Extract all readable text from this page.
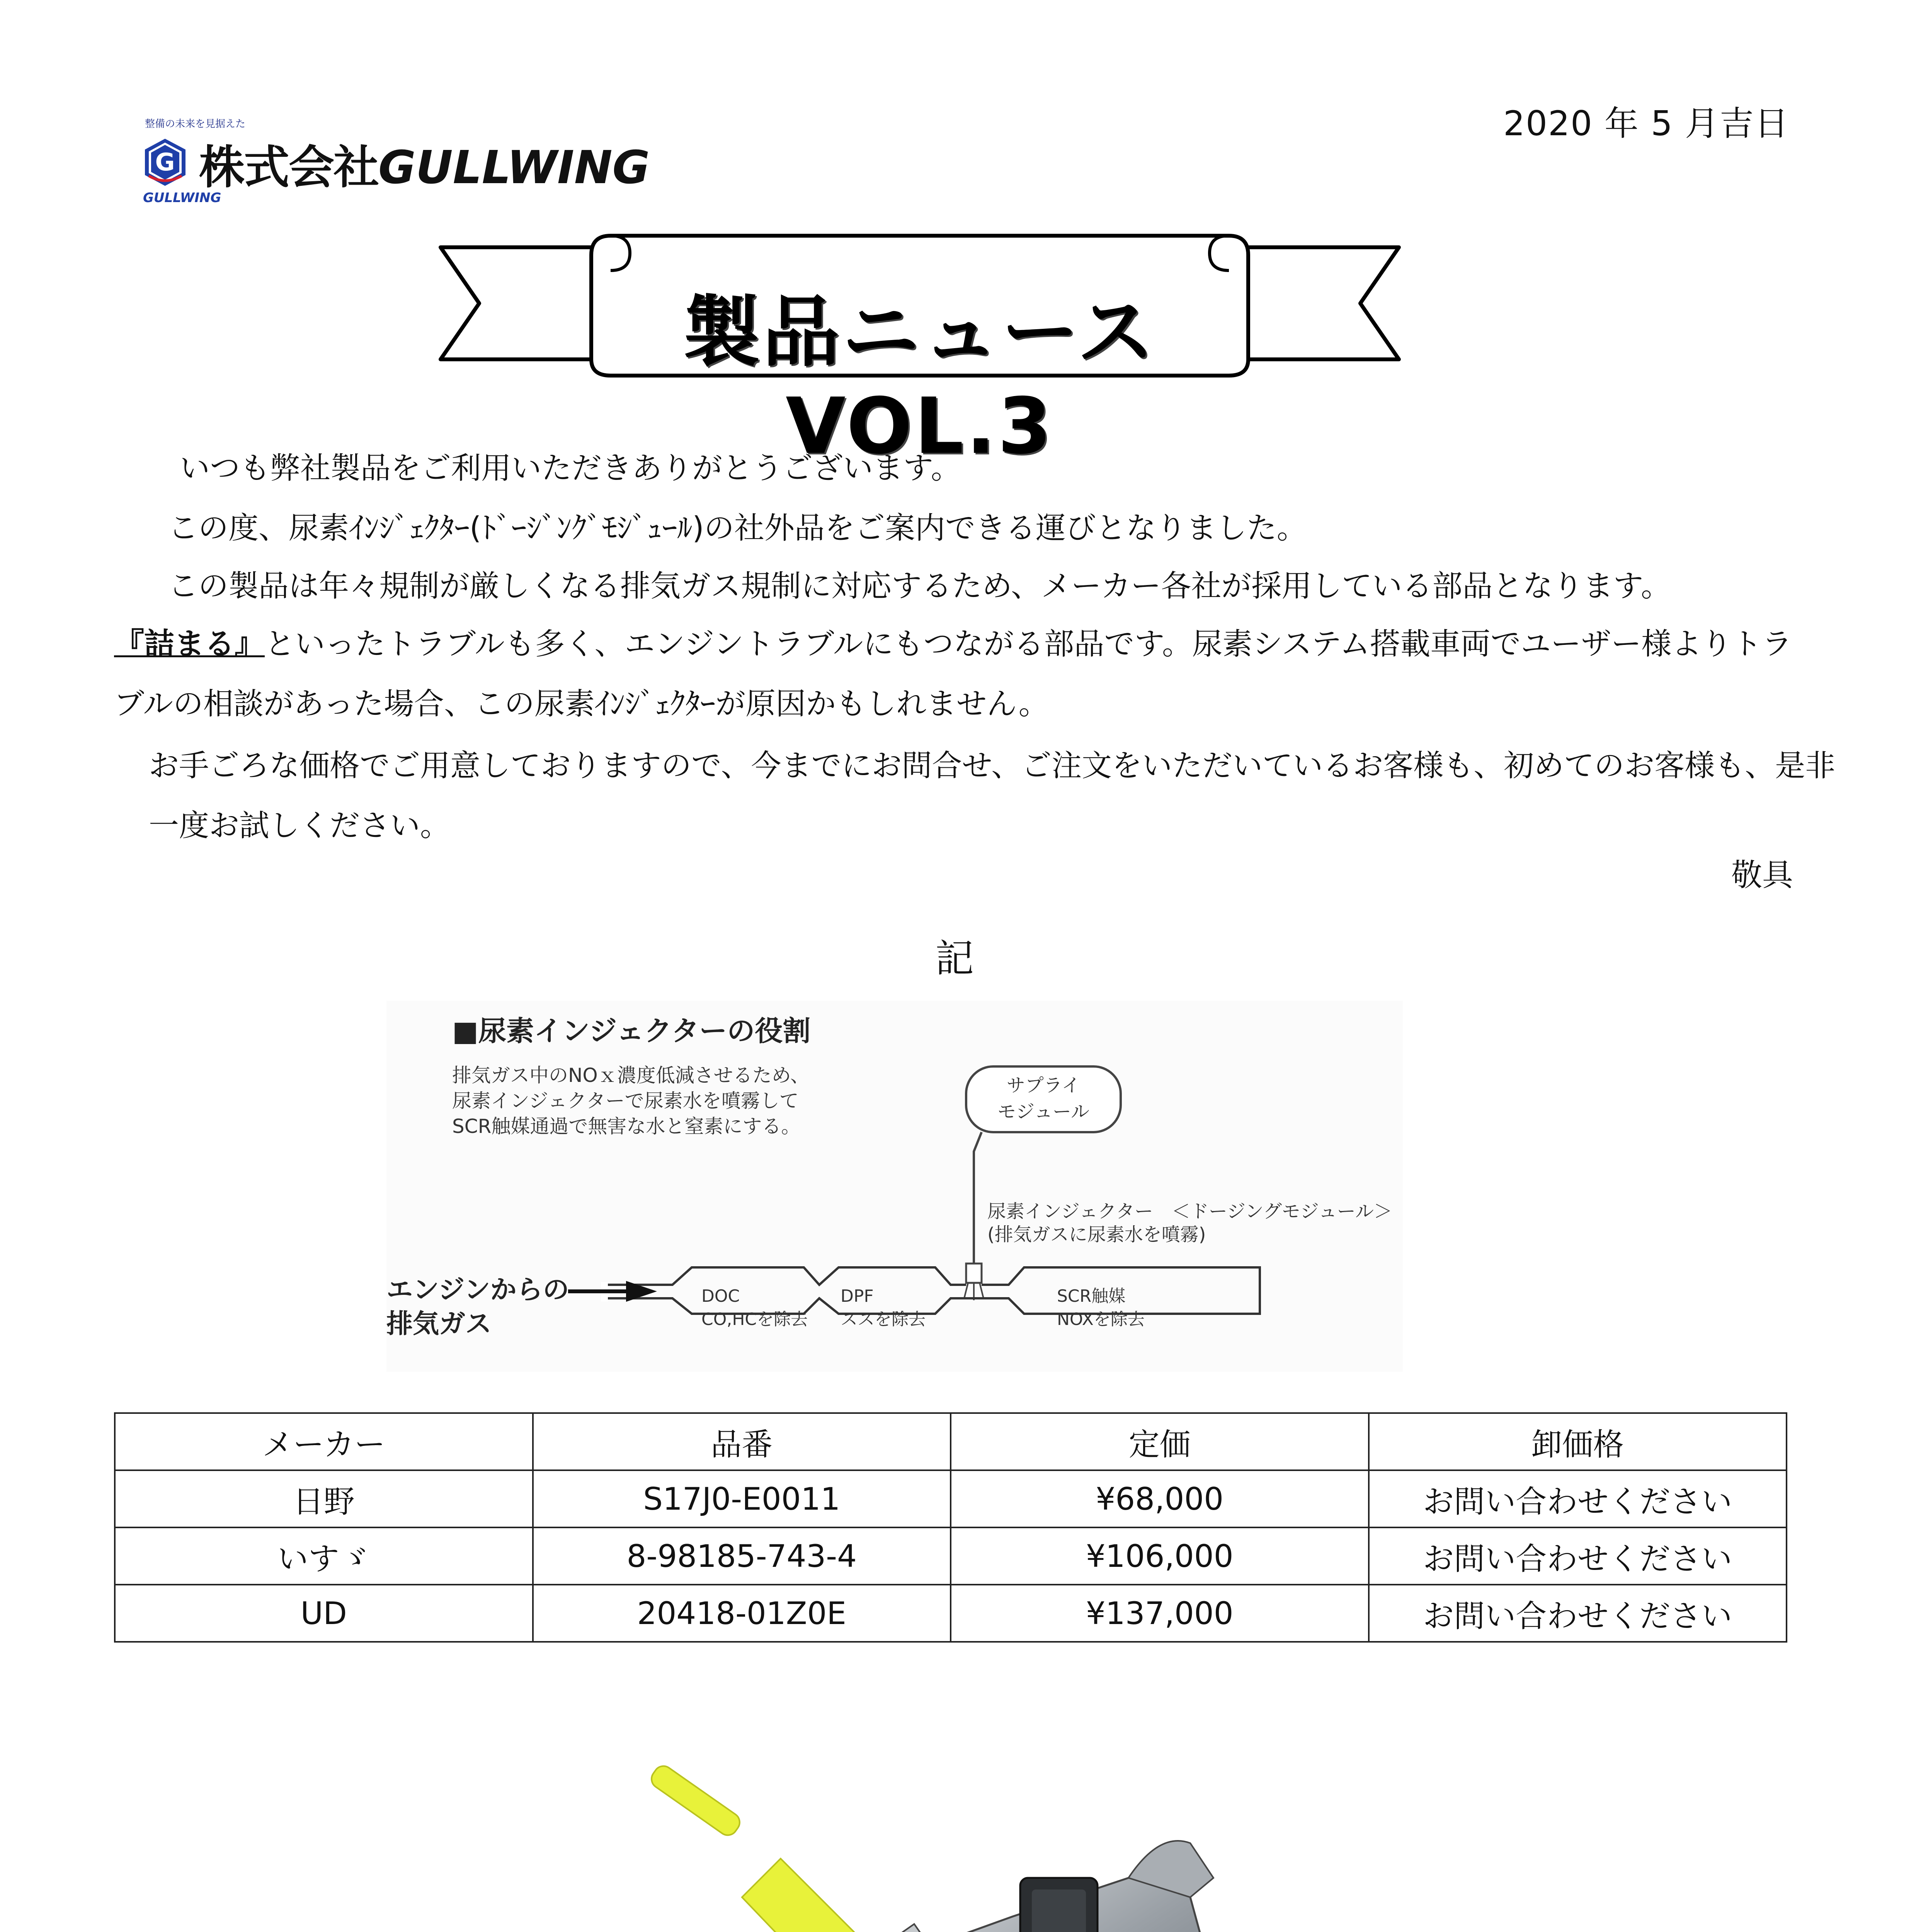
2020 年 5 月吉日
整備の未来を見据えた
G 株式会社GULLWING
GULLWING
製品ニュース VOL.3
いつも弊社製品をご利用いただきありがとうございます。
この度、尿素ｲﾝｼﾞｪｸﾀｰ(ﾄﾞｰｼﾞﾝｸﾞﾓｼﾞｭｰﾙ)の社外品をご案内できる運びとなりました。
この製品は年々規制が厳しくなる排気ガス規制に対応するため、メーカー各社が採用している部品となります。
『詰まる』といったトラブルも多く、エンジントラブルにもつながる部品です。尿素システム搭載車両でユーザー様よりトラブルの相談があった場合、この尿素ｲﾝｼﾞｪｸﾀｰが原因かもしれません。
お手ごろな価格でご用意しておりますので、今までにお問合せ、ご注文をいただいているお客様も、初めてのお客様も、是非一度お試しください。
敬具
記
■尿素インジェクターの役割
排気ガス中のNOｘ濃度低減させるため、
尿素インジェクターで尿素水を噴霧して
SCR触媒通過で無害な水と窒素にする。
サプライ
モジュール
尿素インジェクター　＜ドージングモジュール＞
(排気ガスに尿素水を噴霧)
エンジンからの
排気ガス
DOC
CO,HCを除去
DPF
ススを除去
SCR触媒
NOXを除去
メーカー	品番	定価	卸価格
日野	S17J0-E0011	¥68,000	お問い合わせください
いすゞ	8-98185-743-4	¥106,000	お問い合わせください
UD	20418-01Z0E	¥137,000	お問い合わせください
